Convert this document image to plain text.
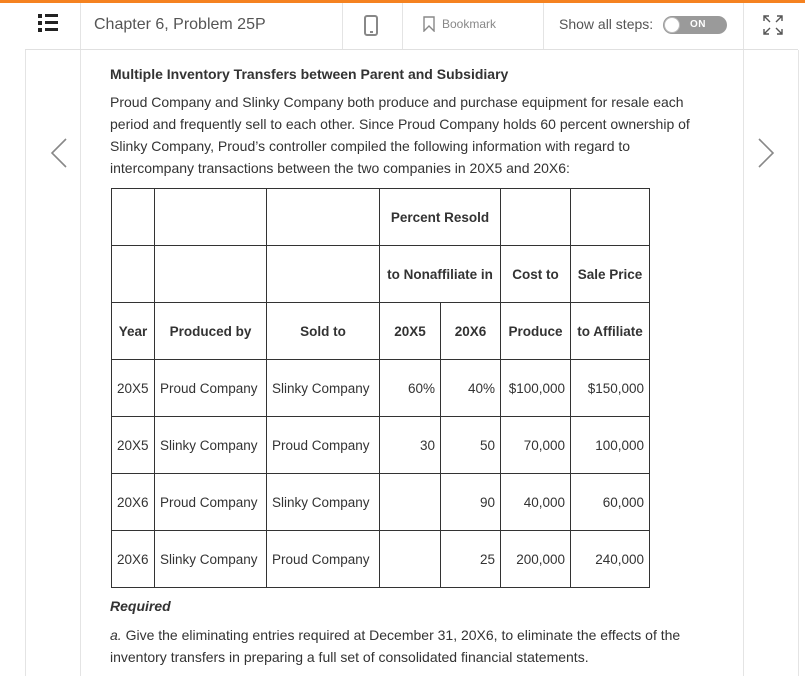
Chapter 6, Problem 25P	Bookmark	Show all steps:	ON
Multiple Inventory Transfers between Parent and Subsidiary
Proud Company and Slinky Company both produce and purchase equipment for resale each period and frequently sell to each other. Since Proud Company holds 60 percent ownership of Slinky Company, Proud’s controller compiled the following information with regard to intercompany transactions between the two companies in 20X5 and 20X6:
			Percent Resold			
			to Nonaffiliate in		Cost to	Sale Price
Year	Produced by	Sold to	20X5	20X6	Produce	to Affiliate
20X5	Proud Company	Slinky Company	60%	40%	$100,000	$150,000
20X5	Slinky Company	Proud Company	30	50	70,000	100,000
20X6	Proud Company	Slinky Company		90	40,000	60,000
20X6	Slinky Company	Proud Company		25	200,000	240,000
Required
a. Give the eliminating entries required at December 31, 20X6, to eliminate the effects of the inventory transfers in preparing a full set of consolidated financial statements.
